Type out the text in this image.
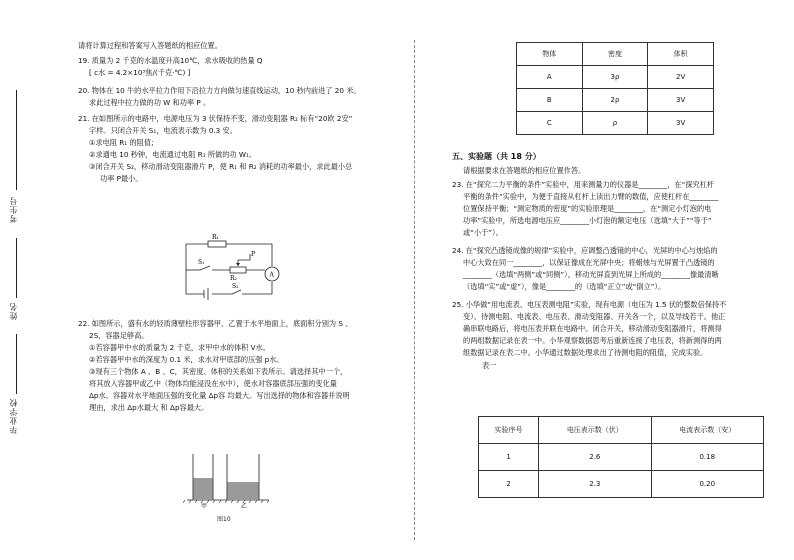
考生号
姓名
毕业学校

请将计算过程和答案写入答题纸的相应位置。

19. 质量为 2 千克的水温度升高10℃，求水吸收的热量 Q

[ c水 = 4.2×10³焦/(千克·℃) ]

20. 物体在 10 牛的水平拉力作用下沿拉力方向做匀速直线运动，10 秒内前进了 20 米。

求此过程中拉力做的功 W 和功率 P 。

21. 在如图所示的电路中，电源电压为 3 伏保持不变，滑动变阻器 R₂ 标有“20欧 2安”

字样。只闭合开关 S₁，电流表示数为 0.3 安。

①求电阻 R₁ 的阻值；

②求通电 10 秒钟，电流通过电阻 R₁ 所做的功 W₁。

③闭合开关 S₂，移动滑动变阻器滑片 P，使 R₁ 和 R₂ 消耗的功率最小，求此最小总

功率 P最小。

R₁
S₁
R₂
P
A
S₂

22. 如图所示，盛有水的轻质薄壁柱形容器甲、乙置于水平地面上，底面积分别为 S 、

2S，容器足够高。

①若容器甲中水的质量为 2 千克，求甲中水的体积 V水。

②若容器甲中水的深度为 0.1 米，求水对甲底部的压强 p水。

③现有三个物体 A 、B 、C，其密度、体积的关系如下表所示。请选择其中一个，

将其放入容器甲或乙中（物体均能浸没在水中），使水对容器底部压强的变化量

Δp水、容器对水平地面压强的变化量 Δp容 均最大。写出选择的物体和容器并说明

理由，求出 Δp水最大 和 Δp容最大。

甲	乙
图10
物体	密度	体积
A	3ρ	2V
B	2ρ	3V
C	ρ	3V

五、实验题（共 18 分）

请根据要求在答题纸的相应位置作答。

23. 在“探究二力平衡的条件”实验中，用来测量力的仪器是________，在“探究杠杆

平衡的条件”实验中，为便于直接从杠杆上读出力臂的数值，应使杠杆在________

位置保持平衡；“测定物质的密度”的实验原理是________，在“测定小灯泡的电

功率”实验中，所选电源电压应________小灯泡的额定电压（选填“大于”“等于”

或“小于”）。

24. 在“探究凸透镜成像的规律”实验中，应调整凸透镜的中心，光屏的中心与烛焰的

中心大致在同一________，以保证像成在光屏中央；将蜡烛与光屏置于凸透镜的

________（选填“两侧”或“同侧”），移动光屏直到光屏上所成的________像最清晰

（选填“实”或“虚”），像是________的（选填“正立”或“倒立”）。

25. 小华做“用电流表、电压表测电阻”实验，现有电源（电压为 1.5 伏的整数倍保持不

变）、待测电阻、电流表、电压表、滑动变阻器、开关各一个，以及导线若干。他正

确串联电路后，将电压表并联在电路中。闭合开关，移动滑动变阻器滑片，将测得

的两组数据记录在表一中。小华观察数据思考后重新连接了电压表，将新测得的两

组数据记录在表二中。小华通过数据处理求出了待测电阻的阻值，完成实验。

表一

实验序号	电压表示数（伏）	电流表示数（安）
1	2.6	0.18
2	2.3	0.20
